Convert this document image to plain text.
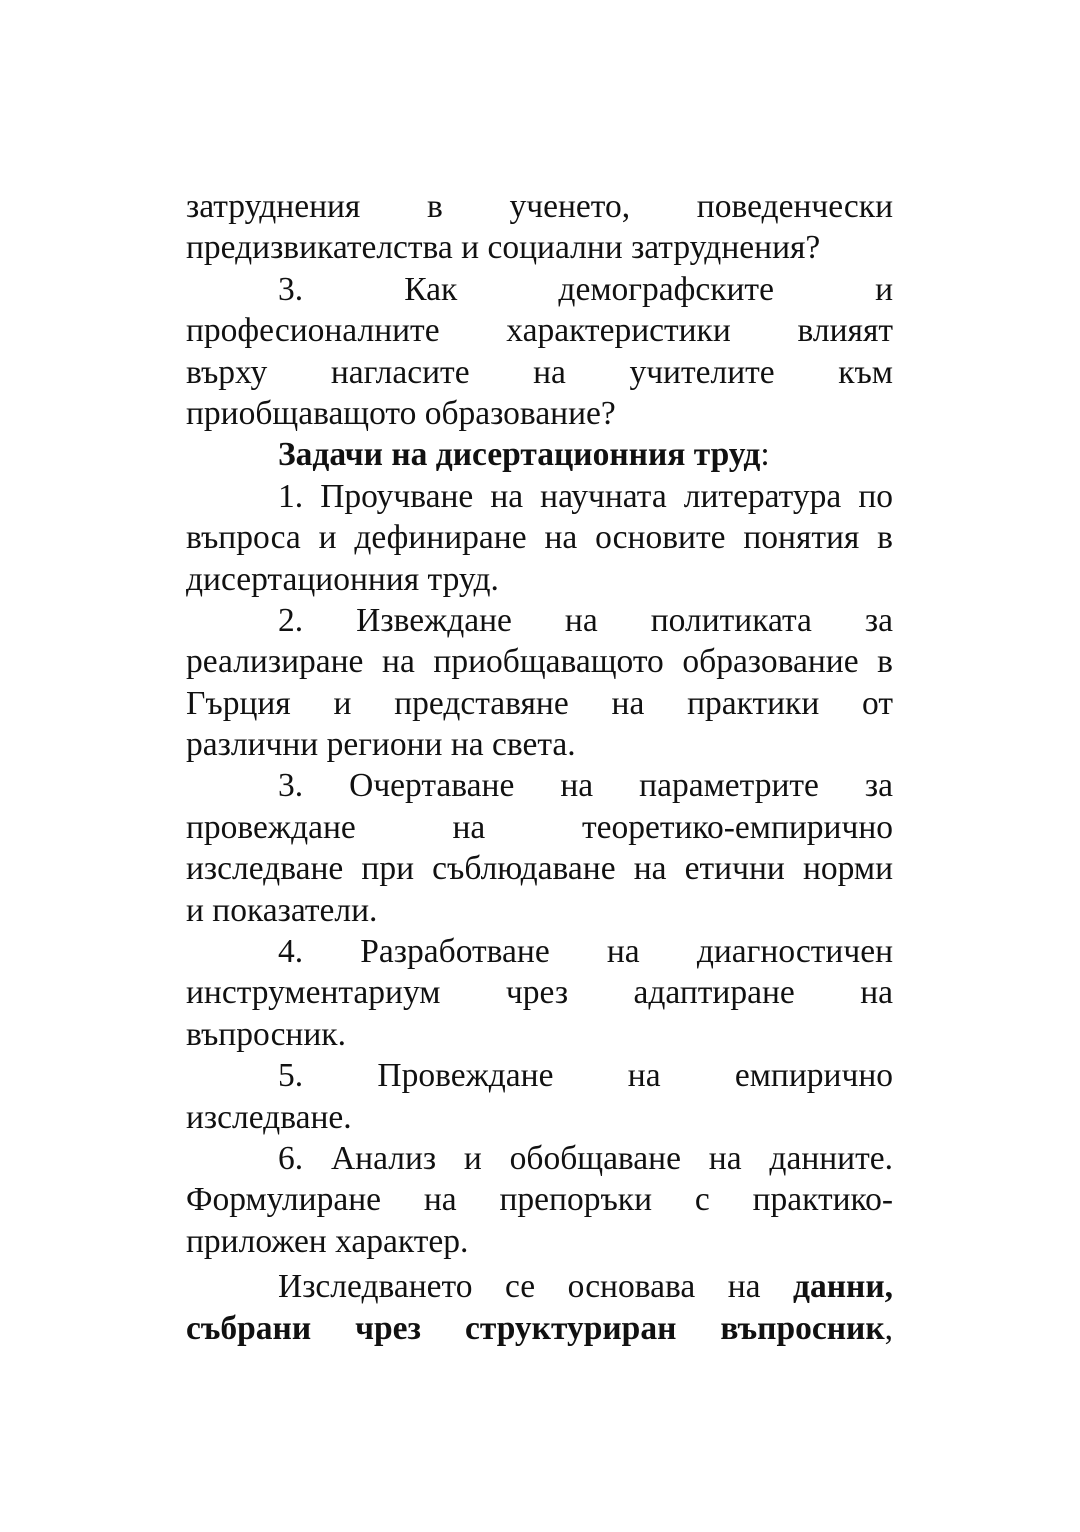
затруднения в ученето, поведенчески
предизвикателства и социални затруднения?
3. Как демографските и
професионалните характеристики влияят
върху нагласите на учителите към
приобщаващото образование?
Задачи на дисертационния труд:
1. Проучване на научната литература по
въпроса и дефиниране на основите понятия в
дисертационния труд.
2. Извеждане на политиката за
реализиране на приобщаващото образование в
Гърция и представяне на практики от
различни региони на света.
3. Очертаване на параметрите за
провеждане на теоретико-емпирично
изследване при съблюдаване на етични норми
и показатели.
4. Разработване на диагностичен
инструментариум чрез адаптиране на
въпросник.
5. Провеждане на емпирично
изследване.
6. Анализ и обобщаване на данните.
Формулиране на препоръки с практико-
приложен характер.
Изследването се основава на данни,
събрани чрез структуриран въпросник,
